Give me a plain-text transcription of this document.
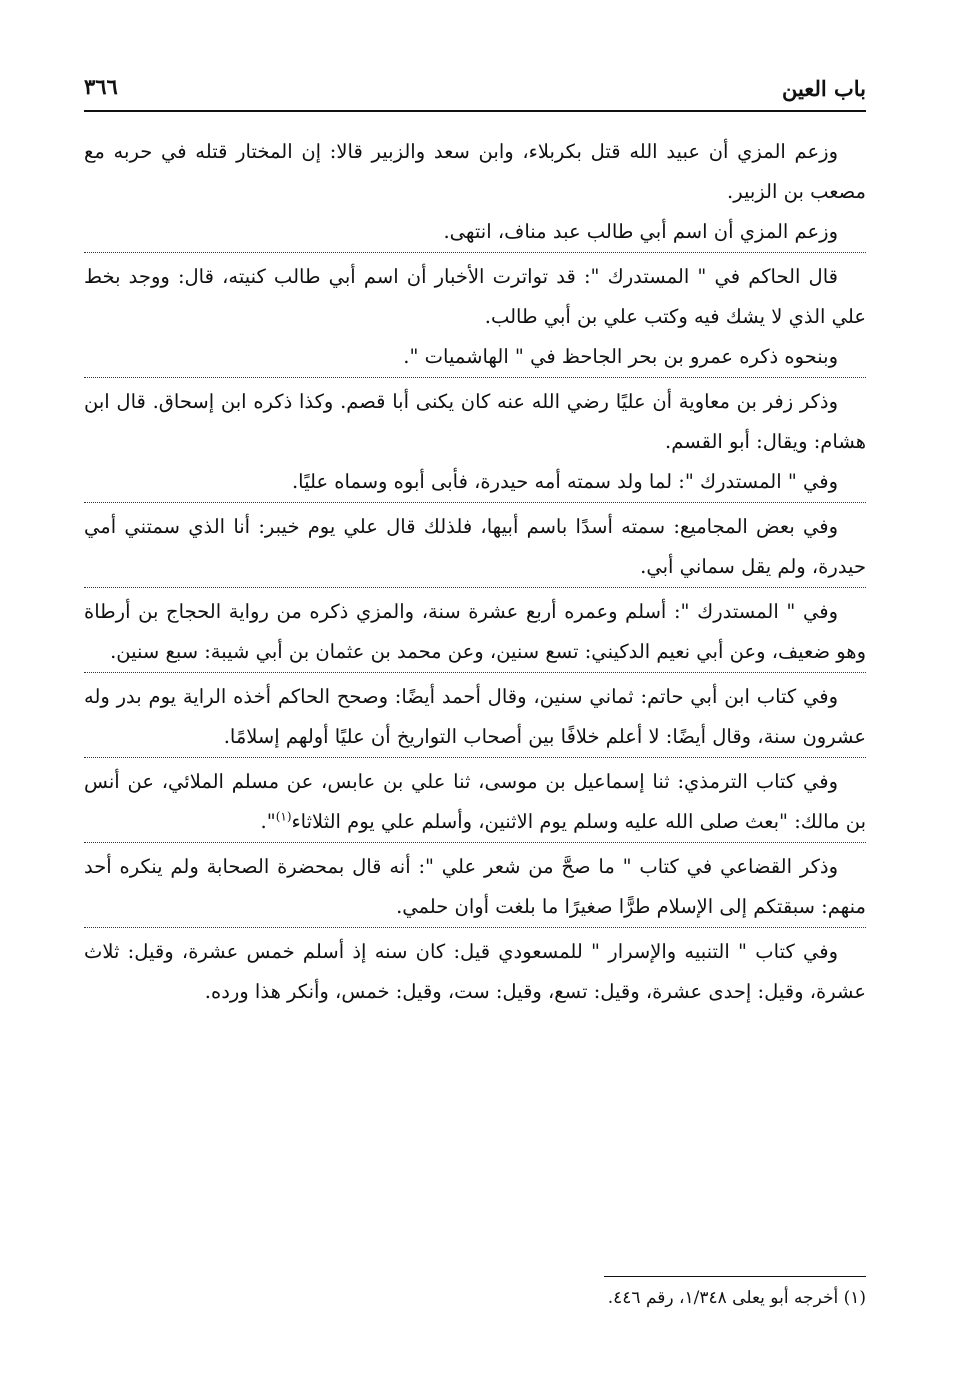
باب العين
٣٦٦

وزعم المزي أن عبيد الله قتل بكربلاء، وابن سعد والزبير قالا: إن المختار قتله في حربه مع مصعب بن الزبير.

وزعم المزي أن اسم أبي طالب عبد مناف، انتهى.

قال الحاكم في " المستدرك ": قد تواترت الأخبار أن اسم أبي طالب كنيته، قال: ووجد بخط علي الذي لا يشك فيه وكتب علي بن أبي طالب.

وبنحوه ذكره عمرو بن بحر الجاحظ في " الهاشميات ".

وذكر زفر بن معاوية أن عليًا رضي الله عنه كان يكنى أبا قصم. وكذا ذكره ابن إسحاق. قال ابن هشام: ويقال: أبو القسم.

وفي " المستدرك ": لما ولد سمته أمه حيدرة، فأبى أبوه وسماه عليًا.

وفي بعض المجاميع: سمته أسدًا باسم أبيها، فلذلك قال علي يوم خيبر: أنا الذي سمتني أمي حيدرة، ولم يقل سماني أبي.

وفي " المستدرك ": أسلم وعمره أربع عشرة سنة، والمزي ذكره من رواية الحجاج بن أرطاة وهو ضعيف، وعن أبي نعيم الدكيني: تسع سنين، وعن محمد بن عثمان بن أبي شيبة: سبع سنين.

وفي كتاب ابن أبي حاتم: ثماني سنين، وقال أحمد أيضًا: وصحح الحاكم أخذه الراية يوم بدر وله عشرون سنة، وقال أيضًا: لا أعلم خلافًا بين أصحاب التواريخ أن عليًا أولهم إسلامًا.

وفي كتاب الترمذي: ثنا إسماعيل بن موسى، ثنا علي بن عابس، عن مسلم الملائي، عن أنس بن مالك: "بعث صلى الله عليه وسلم يوم الاثنين، وأسلم علي يوم الثلاثاء$^{(١)}$".

وذكر القضاعي في كتاب " ما صحَّ من شعر علي ": أنه قال بمحضرة الصحابة ولم ينكره أحد منهم: سبقتكم إلى الإسلام طرًّا صغيرًا ما بلغت أوان حلمي.

وفي كتاب " التنبيه والإسرار " للمسعودي قيل: كان سنه إذ أسلم خمس عشرة، وقيل: ثلاث عشرة، وقيل: إحدى عشرة، وقيل: تسع، وقيل: ست، وقيل: خمس، وأنكر هذا ورده.

(١) أخرجه أبو يعلى ١/٣٤٨، رقم ٤٤٦.
